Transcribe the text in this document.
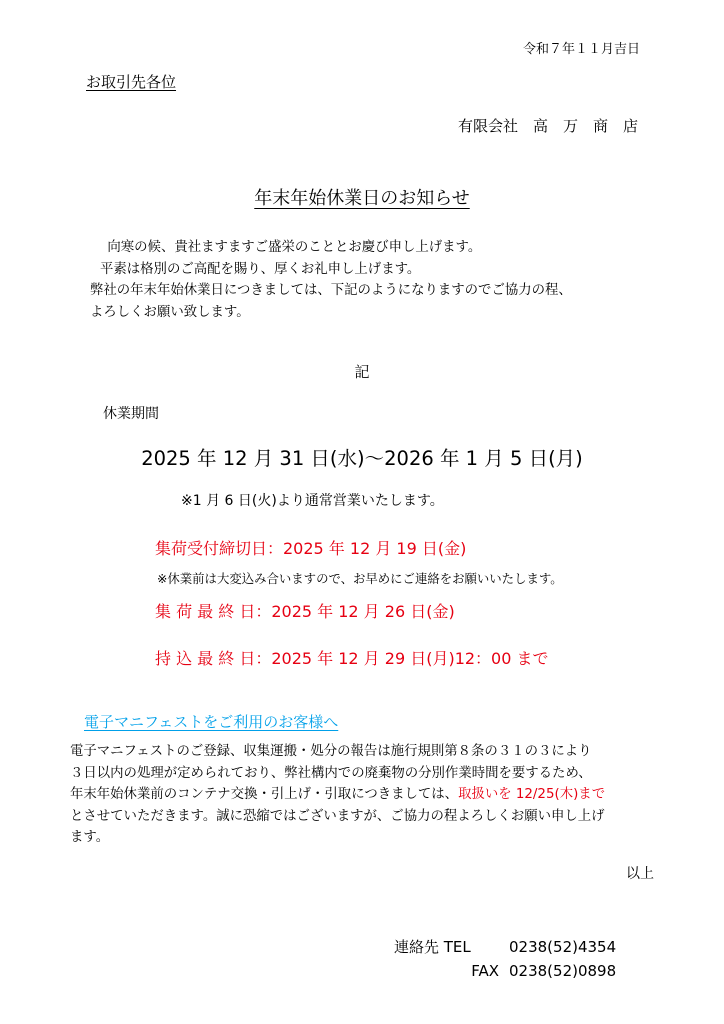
令和７年１１月吉日
お取引先各位
有限会社　高　万　商　店
年末年始休業日のお知らせ
　向寒の候、貴社ますますご盛栄のこととお慶び申し上げます。
平素は格別のご高配を賜り、厚くお礼申し上げます。
弊社の年末年始休業日につきましては、下記のようになりますのでご協力の程、
よろしくお願い致します。
記
休業期間
2025 年 12 月 31 日(水)～2026 年 1 月 5 日(月)
※1 月 6 日(火)より通常営業いたします。
集荷受付締切日：2025 年 12 月 19 日(金)
※休業前は大変込み合いますので、お早めにご連絡をお願いいたします。
集 荷 最 終 日：2025 年 12 月 26 日(金)
持 込 最 終 日：2025 年 12 月 29 日(月)12：00 まで
電子マニフェストをご利用のお客様へ
電子マニフェストのご登録、収集運搬・処分の報告は施行規則第８条の３１の３により
３日以内の処理が定められており、弊社構内での廃棄物の分別作業時間を要するため、
年末年始休業前のコンテナ交換・引上げ・引取につきましては、取扱いを 12/25(木)まで
とさせていただきます。誠に恐縮ではございますが、ご協力の程よろしくお願い申し上げ
ます。
以上
連絡先 TEL	0238(52)4354
FAX 0238(52)0898
